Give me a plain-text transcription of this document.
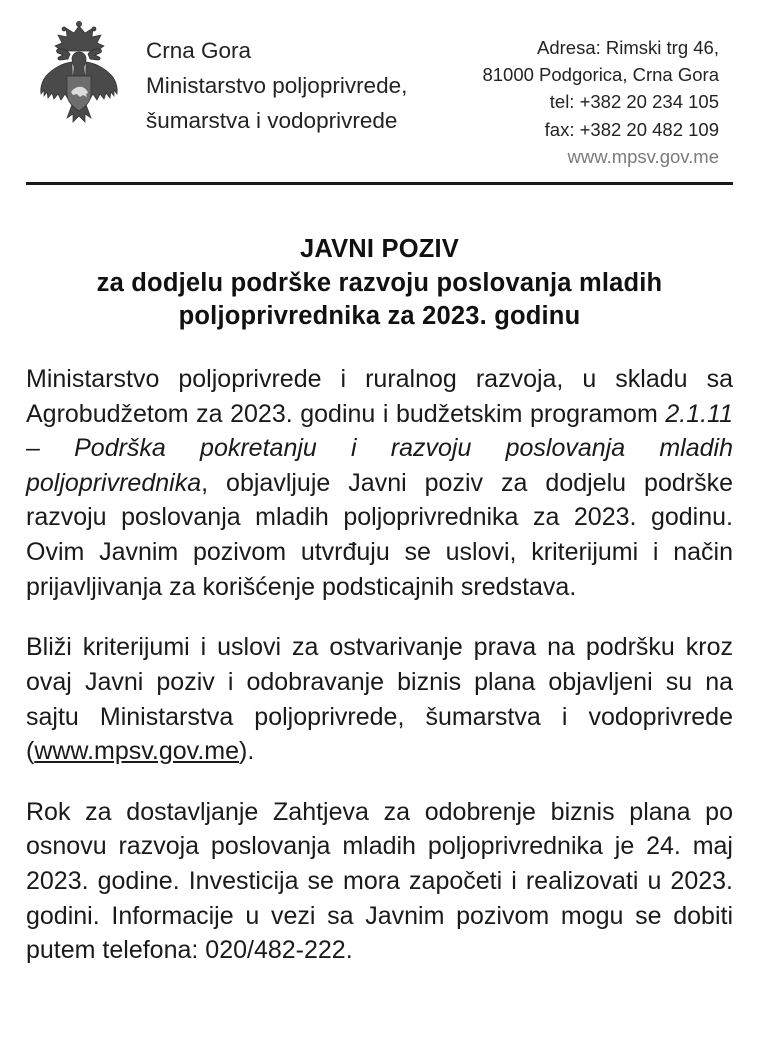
Crna Gora
Ministarstvo poljoprivrede,
šumarstva i vodoprivrede
Adresa: Rimski trg 46,
81000 Podgorica, Crna Gora
tel: +382 20 234 105
fax: +382 20 482 109
www.mpsv.gov.me
JAVNI POZIV
za dodjelu podrške razvoju poslovanja mladih
poljoprivrednika za 2023. godinu

Ministarstvo poljoprivrede i ruralnog razvoja, u skladu sa Agrobudžetom za 2023. godinu i budžetskim programom 2.1.11 – Podrška pokretanju i razvoju poslovanja mladih poljoprivrednika, objavljuje Javni poziv za dodjelu podrške razvoju poslovanja mladih poljoprivrednika za 2023. godinu. Ovim Javnim pozivom utvrđuju se uslovi, kriterijumi i način prijavljivanja za korišćenje podsticajnih sredstava.

Bliži kriterijumi i uslovi za ostvarivanje prava na podršku kroz ovaj Javni poziv i odobravanje biznis plana objavljeni su na sajtu Ministarstva poljoprivrede, šumarstva i vodoprivrede (www.mpsv.gov.me).

Rok za dostavljanje Zahtjeva za odobrenje biznis plana po osnovu razvoja poslovanja mladih poljoprivrednika je 24. maj 2023. godine. Investicija se mora započeti i realizovati u 2023. godini. Informacije u vezi sa Javnim pozivom mogu se dobiti putem telefona: 020/482-222.
